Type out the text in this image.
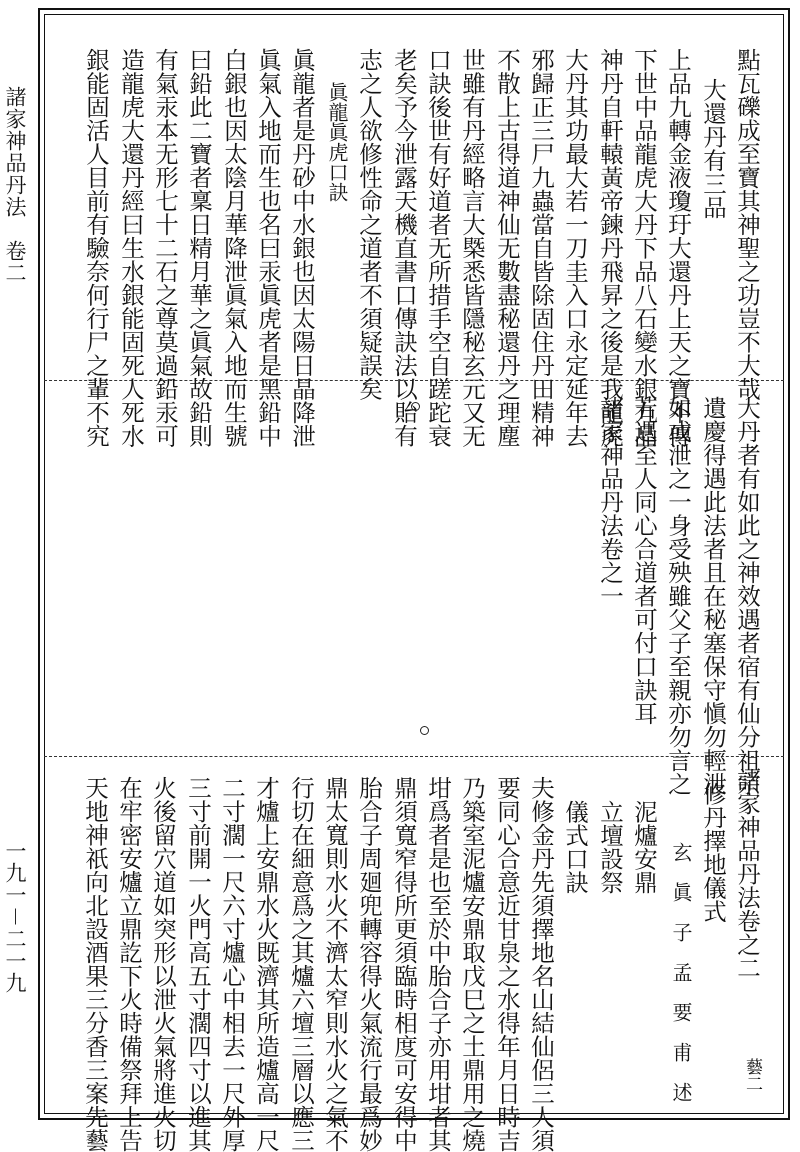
諸家神品丹法　卷二
一九一－二一九
點瓦礫成至寶其神聖之功豈不大哉
大還丹有三品
上品九轉金液瓊玗大還丹上天之寶不傳
下世中品龍虎大丹下品八石變水銀九品
神丹自軒轅黃帝鍊丹飛昇之後是我龍虎
大丹其功最大若一刀圭入口永定延年去
邪歸正三尸九蟲當自皆除固住丹田精神
不散上古得道神仙无數盡秘還丹之理塵
世雖有丹經略言大槩悉皆隱秘玄元又无
口訣後世有好道者无所措手空自蹉跎衰
老矣予今泄露天機直書口傳訣法以貽有
志之人欲修性命之道者不須疑誤矣
眞龍眞虎口訣
眞龍者是丹砂中水銀也因太陽日晶降泄
眞氣入地而生也名曰汞眞虎者是黑鉛中
白銀也因太陰月華降泄眞氣入地而生號
曰鉛此二寶者稟日精月華之眞氣故鉛則
有氣汞本无形七十二石之尊莫過鉛汞可
造龍虎大還丹經曰生水銀能固死人死水
銀能固活人目前有驗奈何行尸之輩不究
大丹者有如此之神效遇者宿有仙分祖宗
遺慶得遇此法者且在秘塞保守愼勿輕泄
如或泄之一身受殃雖父子至親亦勿言之
若遇至人同心合道者可付口訣耳
諸家神品丹法卷之一
諸家神品丹法卷之二
修丹擇地儀式
玄　眞　子　孟　要　甫　述
泥爐安鼎
立壇設祭
儀式口訣
夫修金丹先須擇地名山結仙侶三人須
要同心合意近甘泉之水得年月日時吉
乃築室泥爐安鼎取戊巳之土鼎用之燒
坩爲者是也至於中胎合子亦用坩者其
鼎須寬窄得所更須臨時相度可安得中
胎合子周廻兜轉容得火氣流行最爲妙
鼎太寬則水火不濟太窄則水火之氣不
行切在細意爲之其爐六壇三層以應三
才爐上安鼎水火既濟其所造爐高一尺
二寸濶一尺六寸爐心中相去一尺外厚
三寸前開一火門高五寸濶四寸以進其
火後留穴道如突形以泄火氣將進火切
在牢密安爐立鼎訖下火時備祭拜上告
天地神祇向北設酒果三分香三案先藝	藝二
